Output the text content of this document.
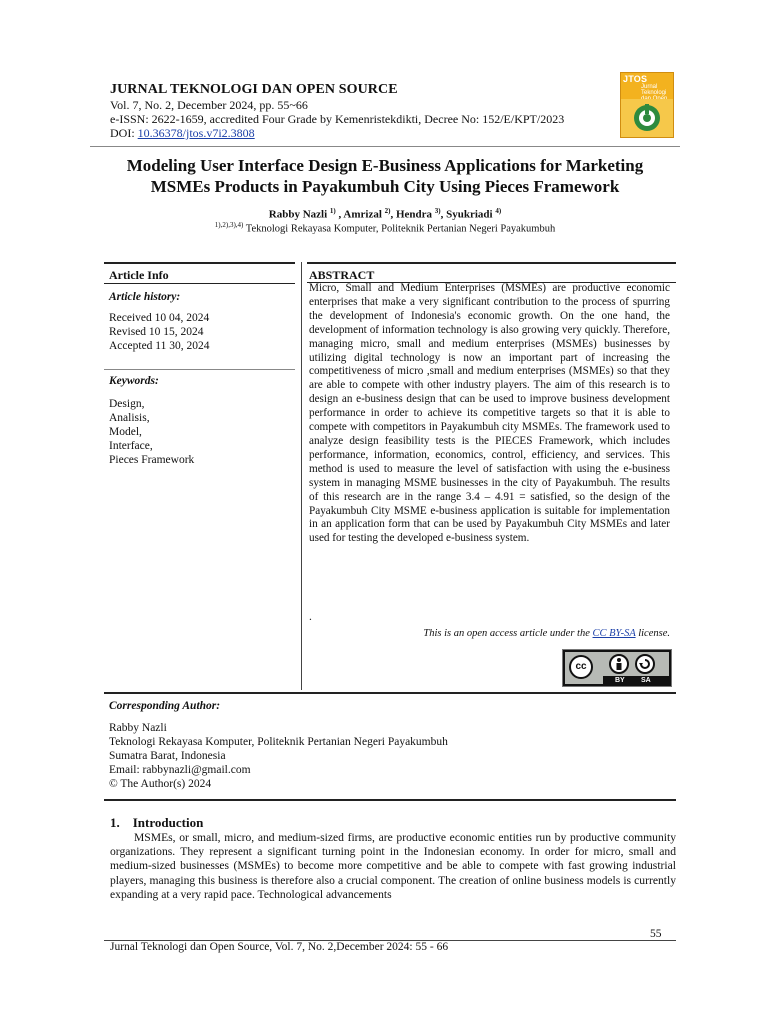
JURNAL TEKNOLOGI DAN OPEN SOURCE
Vol. 7, No. 2, December 2024, pp. 55~66
e-ISSN: 2622-1659, accredited Four Grade by Kemenristekdikti, Decree No: 152/E/KPT/2023
DOI: 10.36378/jtos.v7i2.3808
JTOS
Jurnal Teknologi

Modeling User Interface Design E-Business Applications for Marketing
MSMEs Products in Payakumbuh City Using Pieces Framework
Rabby Nazli $^{1)}$ , Amrizal $^{2)}$, Hendra $^{3)}$, Syukriadi $^{4)}$
$^{1),2),3),4)}$ Teknologi Rekayasa Komputer, Politeknik Pertanian Negeri Payakumbuh
Article Info
Article history:
Received 10 04, 2024
Revised 10 15, 2024
Accepted 11 30, 2024
Keywords:
Design,
Analisis,
Model,
Interface,
Pieces Framework
ABSTRACT

Micro, Small and Medium Enterprises (MSMEs) are productive economic enterprises that make a very significant contribution to the process of spurring the development of Indonesia's economic growth. On the one hand, the development of information technology is also growing very quickly. Therefore, managing micro, small and medium enterprises (MSMEs) businesses by utilizing digital technology is now an important part of increasing the competitiveness of micro ,small and medium enterprises (MSMEs) so that they are able to compete with other industry players. The aim of this research is to design an e-business design that can be used to improve business development performance in order to achieve its competitive targets so that it is able to compete with competitors in Payakumbuh city MSMEs. The framework used to analyze design feasibility tests is the PIECES Framework, which includes performance, information, economics, control, efficiency, and services. This method is used to measure the level of satisfaction with using the e-business system in managing MSME businesses in the city of Payakumbuh. The results of this research are in the range 3.4 – 4.91 = satisfied, so the design of the Payakumbuh City MSME e-business application is suitable for implementation in an application form that can be used by Payakumbuh City MSMEs and later used for testing the developed e-business system.

.
This is an open access article under the CC BY-SA license.
cc
BY SA
Corresponding Author:
Rabby Nazli
Teknologi Rekayasa Komputer, Politeknik Pertanian Negeri Payakumbuh
Sumatra Barat, Indonesia
Email: rabbynazli@gmail.com
© The Author(s) 2024
1.    Introduction

MSMEs, or small, micro, and medium-sized firms, are productive economic entities run by productive community organizations. They represent a significant turning point in the Indonesian economy. In order for micro, small and medium-sized businesses (MSMEs) to become more competitive and be able to compete with fast growing industrial players, managing this business is therefore also a crucial component. The creation of online business models is currently expanding at a very rapid pace. Technological advancements

55
Jurnal Teknologi dan Open Source, Vol. 7, No. 2,December 2024: 55 - 66
